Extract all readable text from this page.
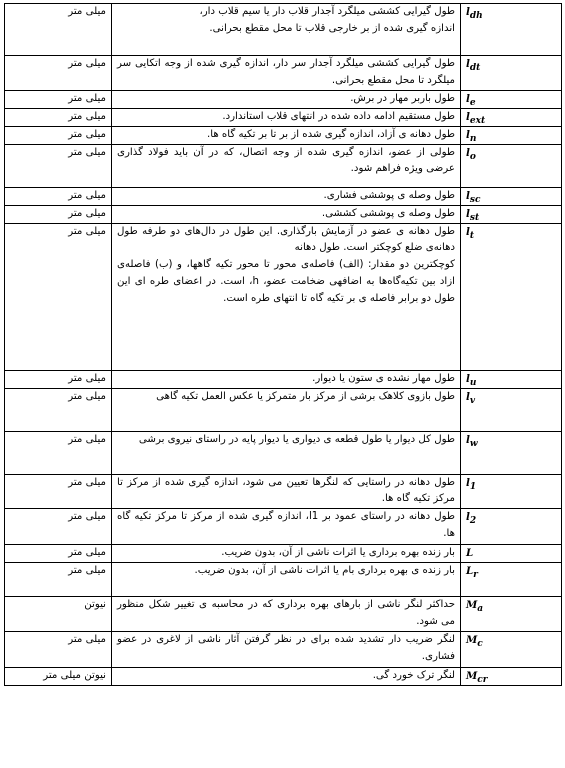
$l_{dh}$	طول گیرایی کششی میلگرد آجدار قلاب دار یا سیم قلاب دار،
اندازه گیری شده از بر خارجی قلاب تا محل مقطع بحرانی.	میلی متر
$l_{dt}$	طول گیرایی کششی میلگرد آجدار سر دار، اندازه گیری شده از وجه اتکایی سر میلگرد تا محل مقطع بحرانی.	میلی متر
$l_e$	طول باربر مهار در برش.	میلی متر
$l_{ext}$	طول مستقیم ادامه داده شده در انتهای قلاب استاندارد.	میلی متر
$l_n$	طول دهانه ی آزاد، اندازه گیری شده از بر تا بر تکیه گاه ها.	میلی متر
$l_o$	طولی از عضو، اندازه گیری شده از وجه اتصال، که در آن باید فولاد گذاری عرضی ویژه فراهم شود.	میلی متر
$l_{sc}$	طول وصله ی پوششی فشاری.	میلی متر
$l_{st}$	طول وصله ی پوششی کششی.	میلی متر
$l_t$	طول دهانه ی عضو در آزمایش بارگذاری. این طول در دال‌های دو طرفه طول دهانه‌ی ضلع کوچکتر است. طول دهانه
کوچکترین دو مقدار: (الف) فاصله‌ی محور تا محور تکیه گاهها، و (ب) فاصله‌ی ازاد بین تکیه‌گاه‌ها به اضافهی ضخامت عضو، h، است. در اعضای طره ای این طول دو برابر فاصله ی بر تکیه گاه تا انتهای طره است.	میلی متر
$l_u$	طول مهار نشده ی ستون یا دیوار.	میلی متر
$l_v$	طول بازوی کلاهک برشی از مرکز بار متمرکز یا عکس العمل تکیه گاهی	میلی متر
$l_w$	طول کل دیوار یا طول قطعه ی دیواری یا دیوار پایه در راستای نیروی برشی	میلی متر
$l_1$	طول دهانه در راستایی که لنگرها تعیین می شود، اندازه گیری شده از مرکز تا مرکز تکیه گاه ها.	میلی متر
$l_2$	طول دهانه در راستای عمود بر l1، اندازه گیری شده از مرکز تا مرکز تکیه گاه ها.	میلی متر
L	بار زنده بهره برداری یا اثرات ناشی از آن، بدون ضریب.	میلی متر
$L_r$	بار زنده ی بهره برداری بام یا اثرات ناشی از آن، بدون ضریب.	میلی متر
$M_a$	حداکثر لنگر ناشی از بارهای بهره برداری که در محاسبه ی تغییر شکل منظور می شود.	نیوتن
$M_c$	لنگر ضریب دار تشدید شده برای در نظر گرفتن آثار ناشی از لاغری در عضو فشاری.	میلی متر
$M_{cr}$	لنگر ترک خورد گی.	نیوتن میلی متر
